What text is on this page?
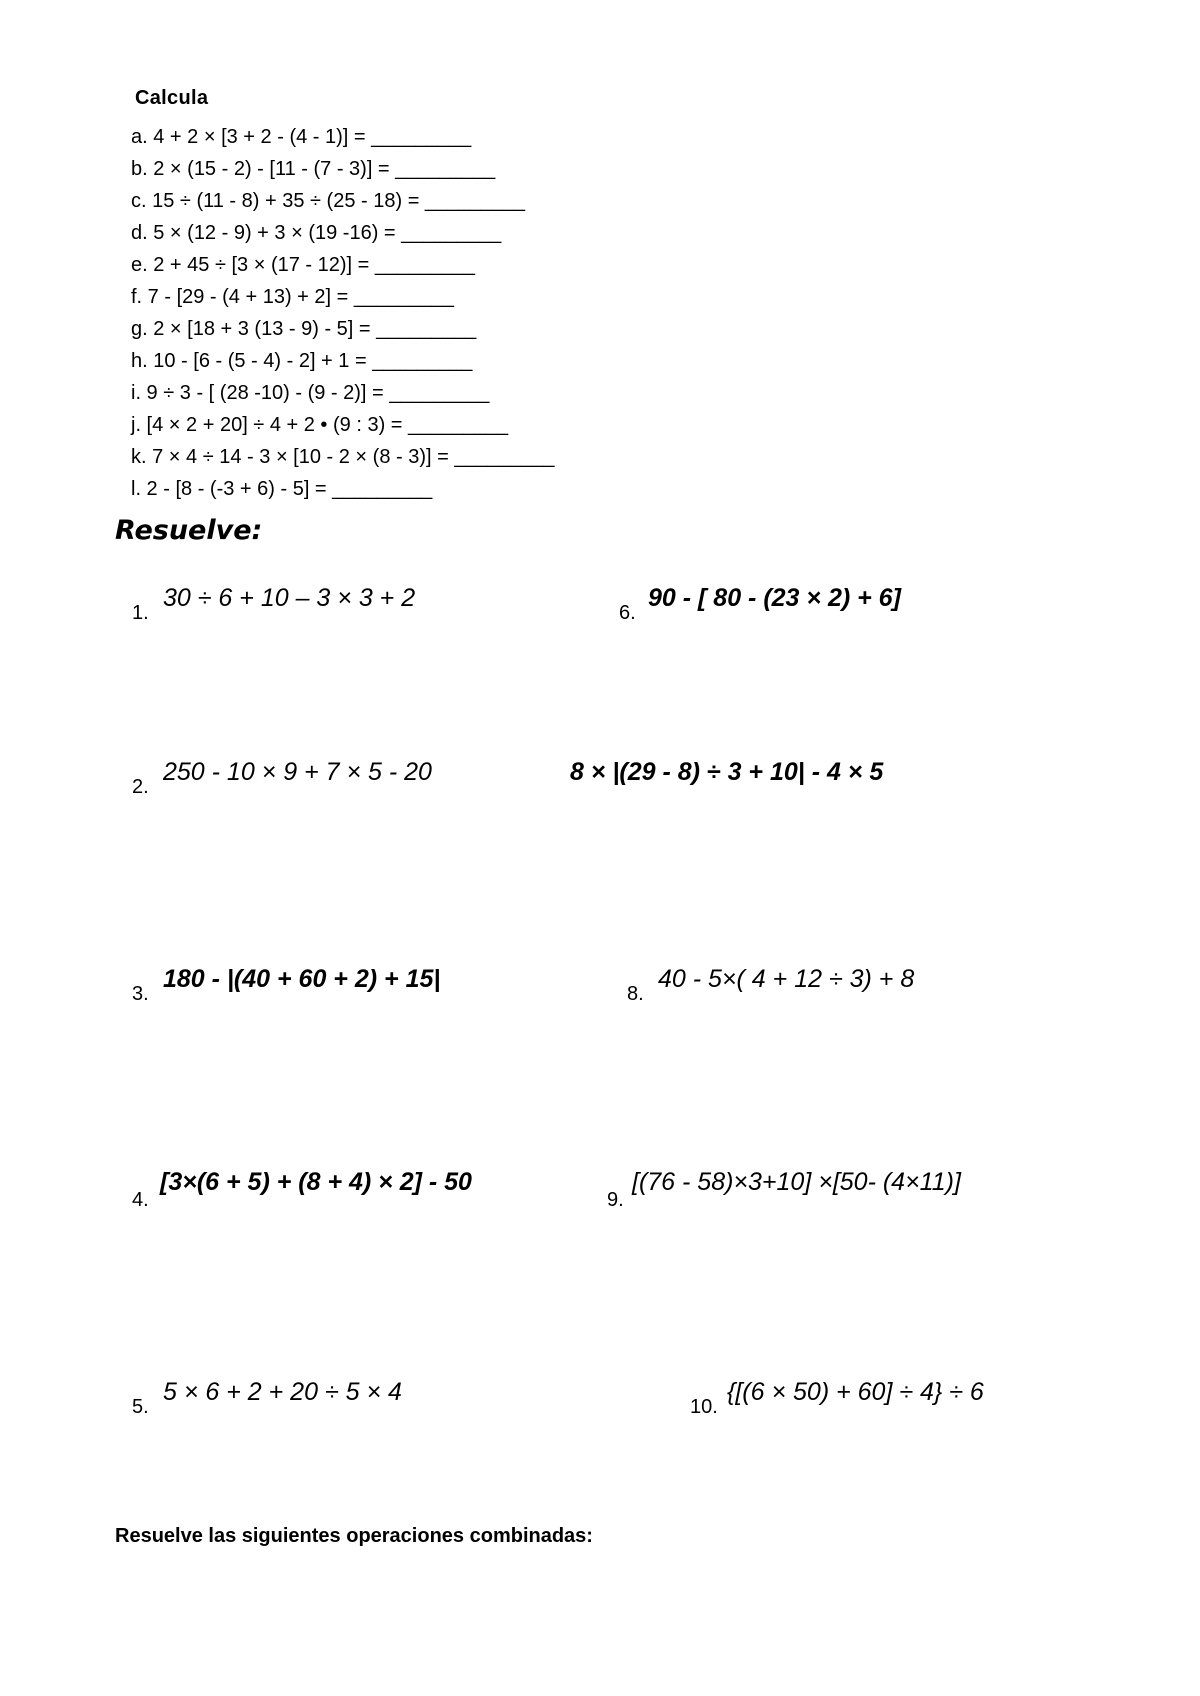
Calcula
a. 4 + 2 × [3 + 2 - (4 - 1)] = _________
b. 2 × (15 - 2) - [11 - (7 - 3)] = _________
c. 15 ÷ (11 - 8) + 35 ÷ (25 - 18) = _________
d. 5 × (12 - 9) + 3 × (19 -16) = _________
e. 2 + 45 ÷ [3 × (17 - 12)] = _________
f. 7 - [29 - (4 + 13) + 2] = _________
g. 2 × [18 + 3 (13 - 9) - 5] = _________
h. 10 - [6 - (5 - 4) - 2] + 1 = _________
i. 9 ÷ 3 - [ (28 -10) - (9 - 2)] = _________
j. [4 × 2 + 20] ÷ 4 + 2 • (9 : 3) = _________
k. 7 × 4 ÷ 14 - 3 × [10 - 2 × (8 - 3)] = _________
l. 2 - [8 - (-3 + 6) - 5] = _________
Resuelve:
1.
30 ÷ 6 + 10 – 3 × 3 + 2
6.
90 - [ 80 - (23 × 2) + 6]
2.
250 - 10 × 9 + 7 × 5 - 20	8 × |(29 - 8) ÷ 3 + 10| - 4 × 5
3.
180 - |(40 + 60 + 2) + 15|
8.
40 - 5×( 4 + 12 ÷ 3) + 8
4.
[3×(6 + 5) + (8 + 4) × 2] - 50
9.
[(76 - 58)×3+10] ×[50- (4×11)]
5.
5 × 6 + 2 + 20 ÷ 5 × 4
10.
{[(6 × 50) + 60] ÷ 4} ÷ 6
Resuelve las siguientes operaciones combinadas:
